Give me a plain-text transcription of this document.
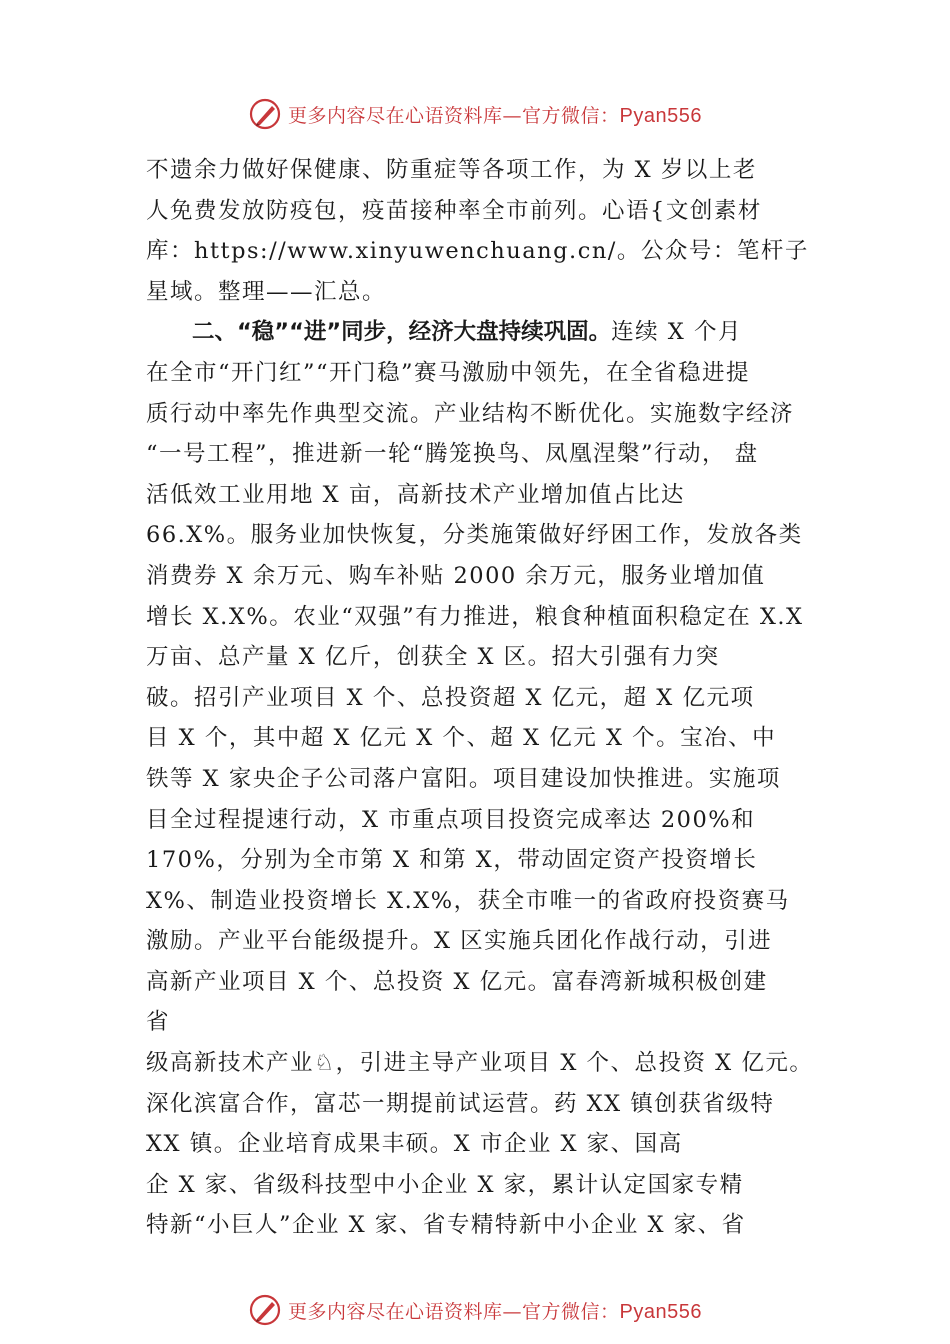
更多内容尽在心语资料库—官方微信：Pyan556
不遗余力做好保健康、防重症等各项工作，为 X 岁以上老
人免费发放防疫包，疫苗接种率全市前列。心语{文创素材
库：https://www.xinyuwenchuang.cn/。公众号：笔杆子
星域。整理——汇总。
二、“稳”“进”同步，经济大盘持续巩固。连续 X 个月
在全市“开门红”“开门稳”赛马激励中领先，在全省稳进提
质行动中率先作典型交流。产业结构不断优化。实施数字经济
“一号工程”，推进新一轮“腾笼换鸟、凤凰涅槃”行动， 盘
活低效工业用地 X 亩，高新技术产业增加值占比达
66.X%。服务业加快恢复，分类施策做好纾困工作，发放各类
消费券 X 余万元、购车补贴 2000 余万元，服务业增加值
增长 X.X%。农业“双强”有力推进，粮食种植面积稳定在 X.X
万亩、总产量 X 亿斤，创获全 X 区。招大引强有力突
破。招引产业项目 X 个、总投资超 X 亿元，超 X 亿元项
目 X 个，其中超 X 亿元 X 个、超 X 亿元 X 个。宝冶、中
铁等 X 家央企子公司落户富阳。项目建设加快推进。实施项
目全过程提速行动，X 市重点项目投资完成率达 200%和
170%，分别为全市第 X 和第 X，带动固定资产投资增长
X%、制造业投资增长 X.X%，获全市唯一的省政府投资赛马
激励。产业平台能级提升。X 区实施兵团化作战行动，引进
高新产业项目 X 个、总投资 X 亿元。富春湾新城积极创建
省
级高新技术产业♘，引进主导产业项目 X 个、总投资 X 亿元。
深化滨富合作，富芯一期提前试运营。药 XX 镇创获省级特
XX 镇。企业培育成果丰硕。X 市企业 X 家、国高
企 X 家、省级科技型中小企业 X 家，累计认定国家专精
特新“小巨人”企业 X 家、省专精特新中小企业 X 家、省
更多内容尽在心语资料库—官方微信：Pyan556
